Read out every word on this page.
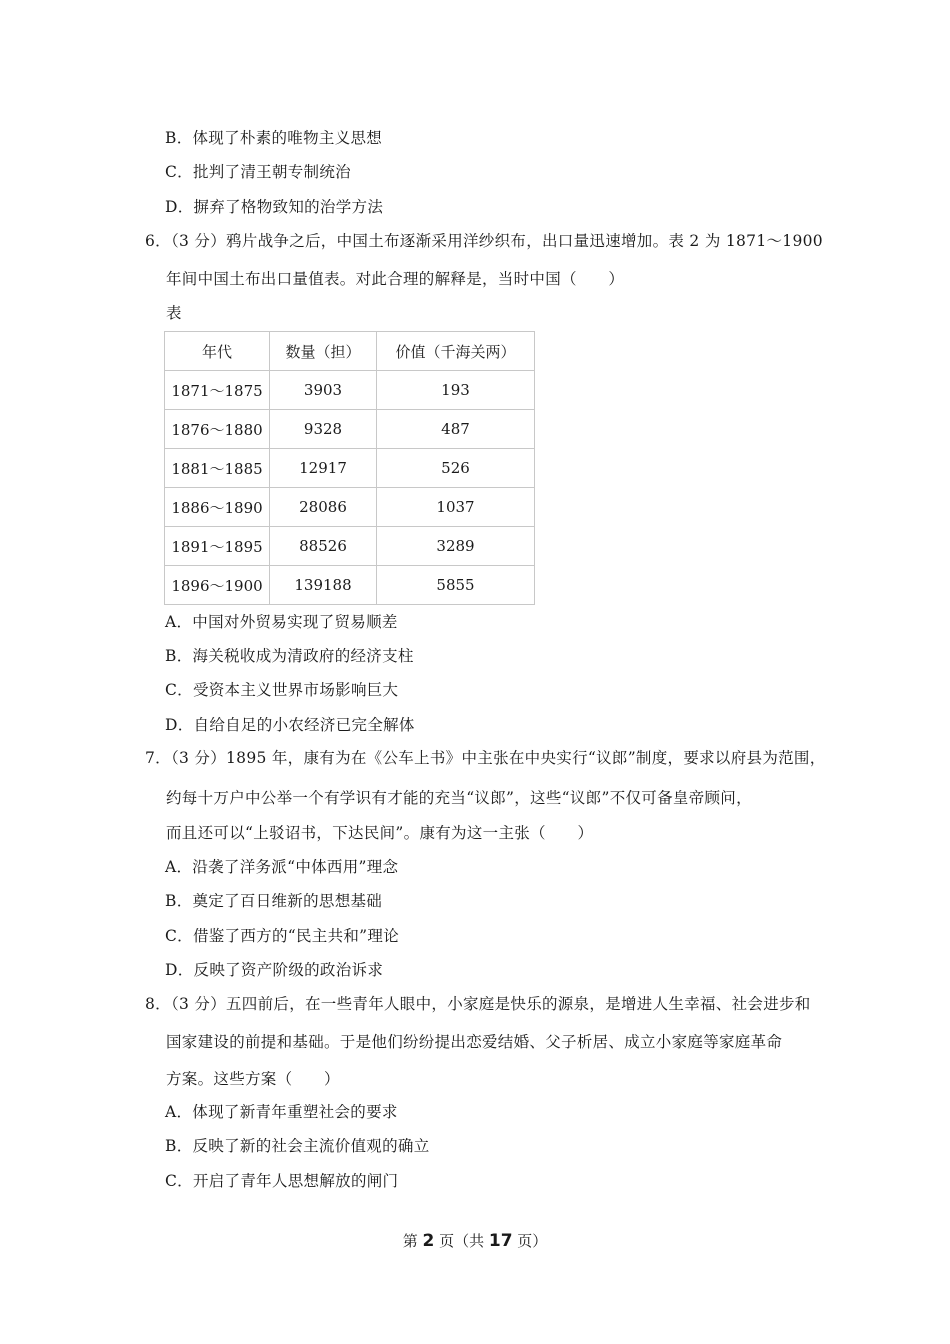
B．体现了朴素的唯物主义思想
C．批判了清王朝专制统治
D．摒弃了格物致知的治学方法
6．（3 分）鸦片战争之后，中国土布逐渐采用洋纱织布，出口量迅速增加。表 2 为 1871～1900
年间中国土布出口量值表。对此合理的解释是，当时中国（　　）
表
年代	数量（担）	价值（千海关两）
1871～1875	3903	193
1876～1880	9328	487
1881～1885	12917	526
1886～1890	28086	1037
1891～1895	88526	3289
1896～1900	139188	5855
A．中国对外贸易实现了贸易顺差
B．海关税收成为清政府的经济支柱
C．受资本主义世界市场影响巨大
D．自给自足的小农经济已完全解体
7．（3 分）1895 年，康有为在《公车上书》中主张在中央实行“议郎”制度，要求以府县为范围，
约每十万户中公举一个有学识有才能的充当“议郎”，这些“议郎”不仅可备皇帝顾问，
而且还可以“上驳诏书，下达民间”。康有为这一主张（　　）
A．沿袭了洋务派“中体西用”理念
B．奠定了百日维新的思想基础
C．借鉴了西方的“民主共和”理论
D．反映了资产阶级的政治诉求
8．（3 分）五四前后，在一些青年人眼中，小家庭是快乐的源泉，是增进人生幸福、社会进步和
国家建设的前提和基础。于是他们纷纷提出恋爱结婚、父子析居、成立小家庭等家庭革命
方案。这些方案（　　）
A．体现了新青年重塑社会的要求
B．反映了新的社会主流价值观的确立
C．开启了青年人思想解放的闸门
第 2 页（共 17 页）
